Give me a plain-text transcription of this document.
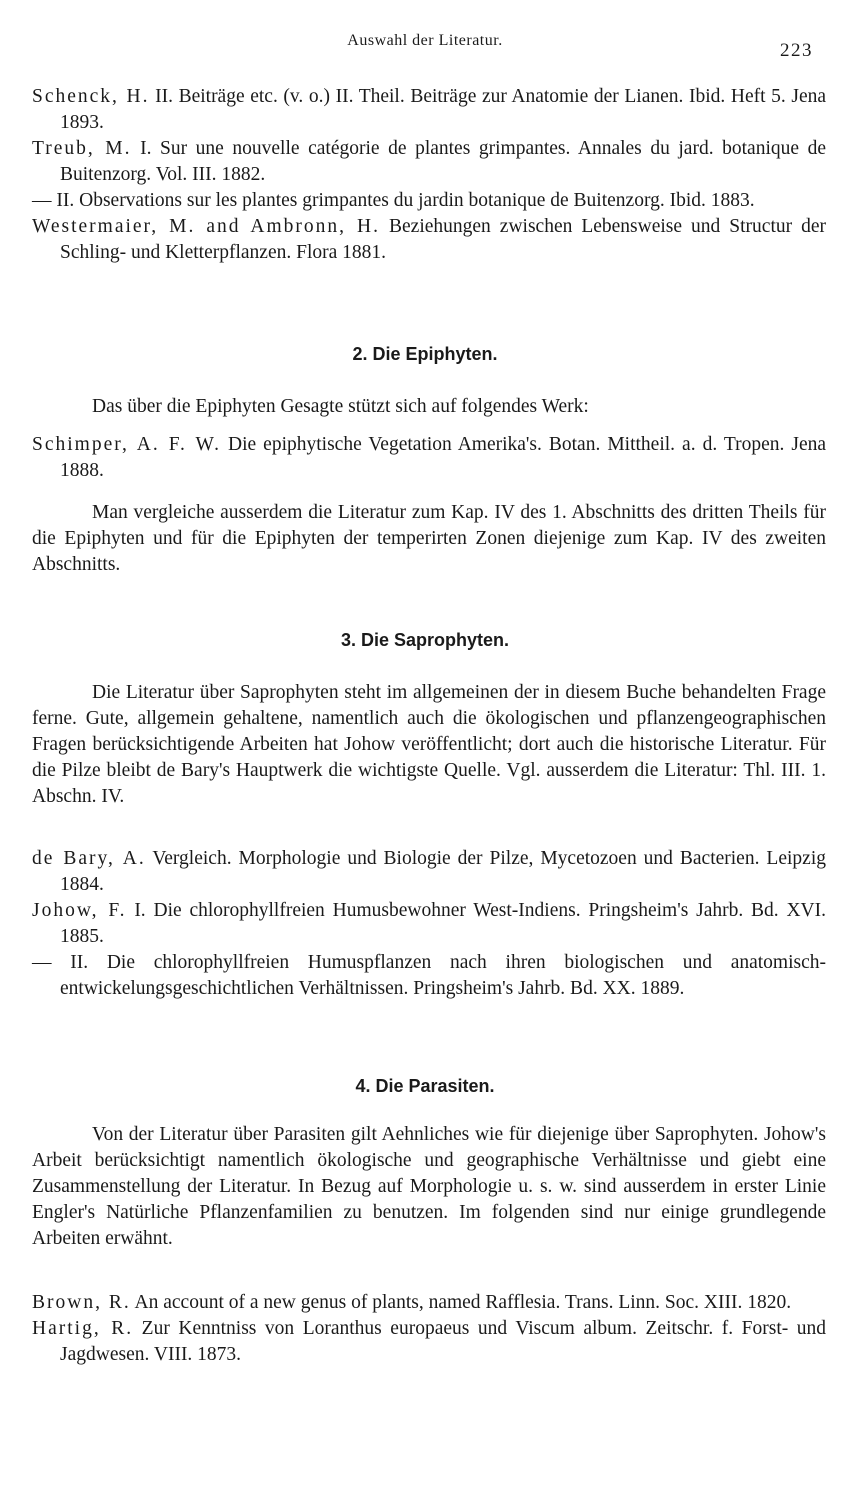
Auswahl der Literatur.	223

Schenck, H. II. Beiträge etc. (v. o.) II. Theil. Beiträge zur Anatomie der Lianen. Ibid. Heft 5. Jena 1893.

Treub, M. I. Sur une nouvelle catégorie de plantes grimpantes. Annales du jard. botanique de Buitenzorg. Vol. III. 1882.

— II. Observations sur les plantes grimpantes du jardin botanique de Buitenzorg. Ibid. 1883.

Westermaier, M. and Ambronn, H. Beziehungen zwischen Lebensweise und Structur der Schling- und Kletterpflanzen. Flora 1881.

2. Die Epiphyten.

Das über die Epiphyten Gesagte stützt sich auf folgendes Werk:

Schimper, A. F. W. Die epiphytische Vegetation Amerika's. Botan. Mittheil. a. d. Tropen. Jena 1888.

Man vergleiche ausserdem die Literatur zum Kap. IV des 1. Abschnitts des dritten Theils für die Epiphyten und für die Epiphyten der temperirten Zonen diejenige zum Kap. IV des zweiten Abschnitts.

3. Die Saprophyten.

Die Literatur über Saprophyten steht im allgemeinen der in diesem Buche behandelten Frage ferne. Gute, allgemein gehaltene, namentlich auch die ökologischen und pflanzengeographischen Fragen berücksichtigende Arbeiten hat Johow veröffentlicht; dort auch die historische Literatur. Für die Pilze bleibt de Bary's Hauptwerk die wichtigste Quelle. Vgl. ausserdem die Literatur: Thl. III. 1. Abschn. IV.

de Bary, A. Vergleich. Morphologie und Biologie der Pilze, Mycetozoen und Bacterien. Leipzig 1884.

Johow, F. I. Die chlorophyllfreien Humusbewohner West-Indiens. Pringsheim's Jahrb. Bd. XVI. 1885.

— II. Die chlorophyllfreien Humuspflanzen nach ihren biologischen und anatomisch-entwickelungsgeschichtlichen Verhältnissen. Pringsheim's Jahrb. Bd. XX. 1889.

4. Die Parasiten.

Von der Literatur über Parasiten gilt Aehnliches wie für diejenige über Saprophyten. Johow's Arbeit berücksichtigt namentlich ökologische und geographische Verhältnisse und giebt eine Zusammenstellung der Literatur. In Bezug auf Morphologie u. s. w. sind ausserdem in erster Linie Engler's Natürliche Pflanzenfamilien zu benutzen. Im folgenden sind nur einige grundlegende Arbeiten erwähnt.

Brown, R. An account of a new genus of plants, named Rafflesia. Trans. Linn. Soc. XIII. 1820.

Hartig, R. Zur Kenntniss von Loranthus europaeus und Viscum album. Zeitschr. f. Forst- und Jagdwesen. VIII. 1873.
